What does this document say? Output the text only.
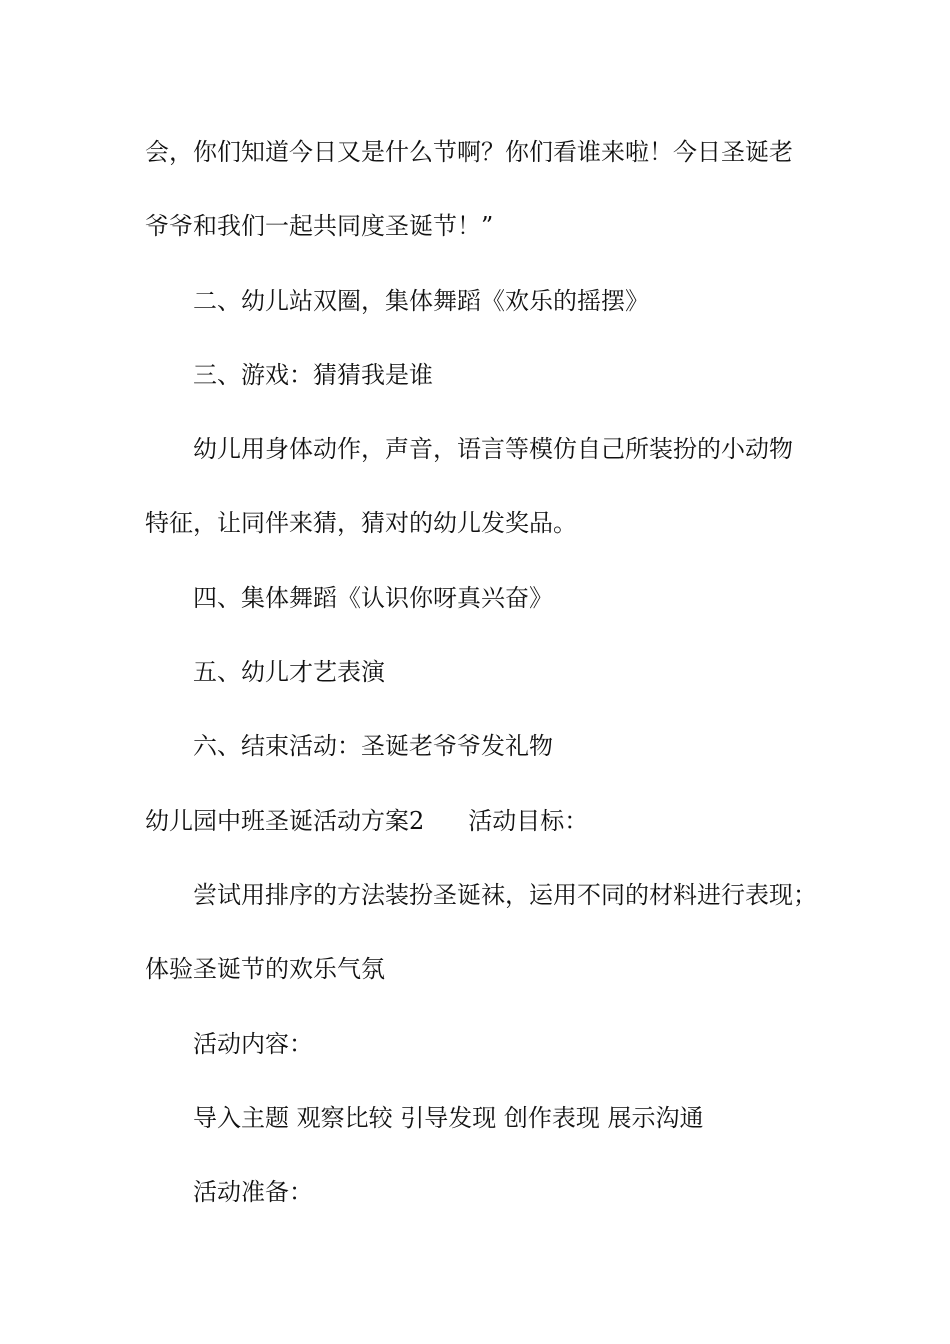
会，你们知道今日又是什么节啊？你们看谁来啦！今日圣诞老
爷爷和我们一起共同度圣诞节！”
二、幼儿站双圈，集体舞蹈《欢乐的摇摆》
三、游戏：猜猜我是谁
幼儿用身体动作，声音，语言等模仿自己所装扮的小动物
特征，让同伴来猜，猜对的幼儿发奖品。
四、集体舞蹈《认识你呀真兴奋》
五、幼儿才艺表演
六、结束活动：圣诞老爷爷发礼物
幼儿园中班圣诞活动方案2 活动目标：
尝试用排序的方法装扮圣诞袜，运用不同的材料进行表现；
体验圣诞节的欢乐气氛
活动内容：
导入主题 观察比较 引导发现 创作表现 展示沟通
活动准备：
